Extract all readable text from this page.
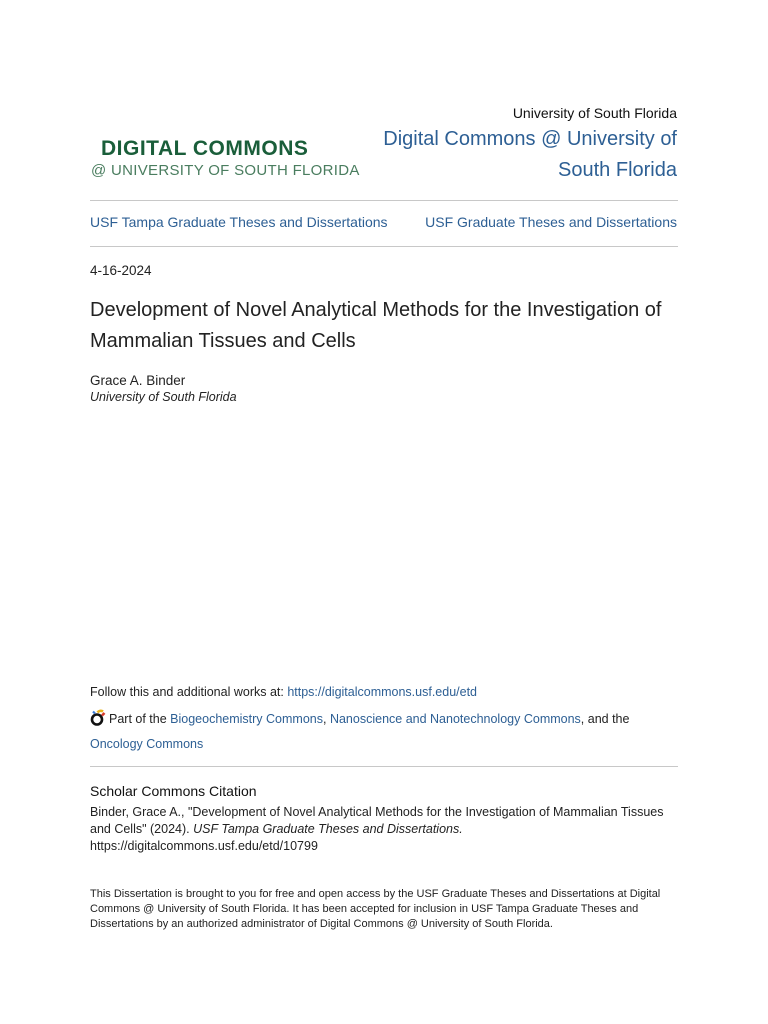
University of South Florida
DIGITAL COMMONS
@ UNIVERSITY OF SOUTH FLORIDA
Digital Commons @ University of South Florida
USF Tampa Graduate Theses and Dissertations	USF Graduate Theses and Dissertations
4-16-2024
Development of Novel Analytical Methods for the Investigation of Mammalian Tissues and Cells
Grace A. Binder
University of South Florida
Follow this and additional works at: https://digitalcommons.usf.edu/etd
Part of the Biogeochemistry Commons, Nanoscience and Nanotechnology Commons, and the
Oncology Commons
Scholar Commons Citation
Binder, Grace A., "Development of Novel Analytical Methods for the Investigation of Mammalian Tissues and Cells" (2024). USF Tampa Graduate Theses and Dissertations.
https://digitalcommons.usf.edu/etd/10799
This Dissertation is brought to you for free and open access by the USF Graduate Theses and Dissertations at Digital Commons @ University of South Florida. It has been accepted for inclusion in USF Tampa Graduate Theses and Dissertations by an authorized administrator of Digital Commons @ University of South Florida.
